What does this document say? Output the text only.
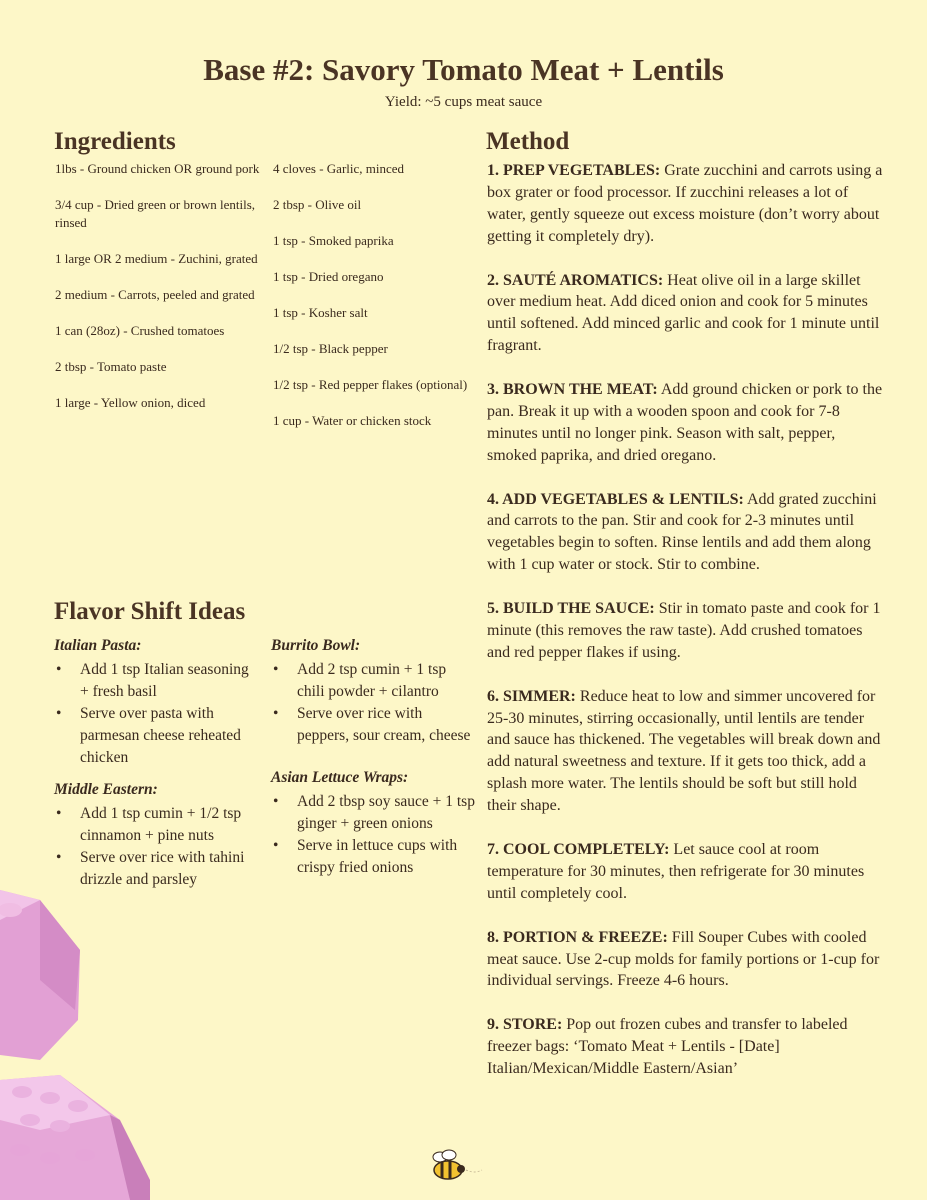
Base #2: Savory Tomato Meat + Lentils
Yield: ~5 cups meat sauce
Ingredients
1lbs - Ground chicken OR ground pork
3/4 cup - Dried green or brown lentils, rinsed
1 large OR 2 medium - Zuchini, grated
2 medium - Carrots, peeled and grated
1 can (28oz) - Crushed tomatoes
2 tbsp - Tomato paste
1 large - Yellow onion, diced
4 cloves - Garlic, minced
2 tbsp - Olive oil
1 tsp - Smoked paprika
1 tsp - Dried oregano
1 tsp - Kosher salt
1/2 tsp - Black pepper
1/2 tsp - Red pepper flakes (optional)
1 cup - Water or chicken stock
Flavor Shift Ideas
Italian Pasta:
• Add 1 tsp Italian seasoning + fresh basil
• Serve over pasta with parmesan cheese reheated chicken
Middle Eastern:
• Add 1 tsp cumin + 1/2 tsp cinnamon + pine nuts
• Serve over rice with tahini drizzle and parsley
Burrito Bowl:
• Add 2 tsp cumin + 1 tsp chili powder + cilantro
• Serve over rice with peppers, sour cream, cheese
Asian Lettuce Wraps:
• Add 2 tbsp soy sauce + 1 tsp ginger + green onions
• Serve in lettuce cups with crispy fried onions
Method

1. PREP VEGETABLES: Grate zucchini and carrots using a box grater or food processor. If zucchini releases a lot of water, gently squeeze out excess moisture (don’t worry about getting it completely dry).

2. SAUTÉ AROMATICS: Heat olive oil in a large skillet over medium heat. Add diced onion and cook for 5 minutes until softened. Add minced garlic and cook for 1 minute until fragrant.

3. BROWN THE MEAT: Add ground chicken or pork to the pan. Break it up with a wooden spoon and cook for 7-8 minutes until no longer pink. Season with salt, pepper, smoked paprika, and dried oregano.

4. ADD VEGETABLES & LENTILS: Add grated zucchini and carrots to the pan. Stir and cook for 2-3 minutes until vegetables begin to soften. Rinse lentils and add them along with 1 cup water or stock. Stir to combine.

5. BUILD THE SAUCE: Stir in tomato paste and cook for 1 minute (this removes the raw taste). Add crushed tomatoes and red pepper flakes if using.

6. SIMMER: Reduce heat to low and simmer uncovered for 25-30 minutes, stirring occasionally, until lentils are tender and sauce has thickened. The vegetables will break down and add natural sweetness and texture. If it gets too thick, add a splash more water. The lentils should be soft but still hold their shape.

7. COOL COMPLETELY: Let sauce cool at room temperature for 30 minutes, then refrigerate for 30 minutes until completely cool.

8. PORTION & FREEZE: Fill Souper Cubes with cooled meat sauce. Use 2-cup molds for family portions or 1-cup for individual servings. Freeze 4-6 hours.

9. STORE: Pop out frozen cubes and transfer to labeled freezer bags: ‘Tomato Meat + Lentils - [Date] Italian/Mexican/Middle Eastern/Asian’
